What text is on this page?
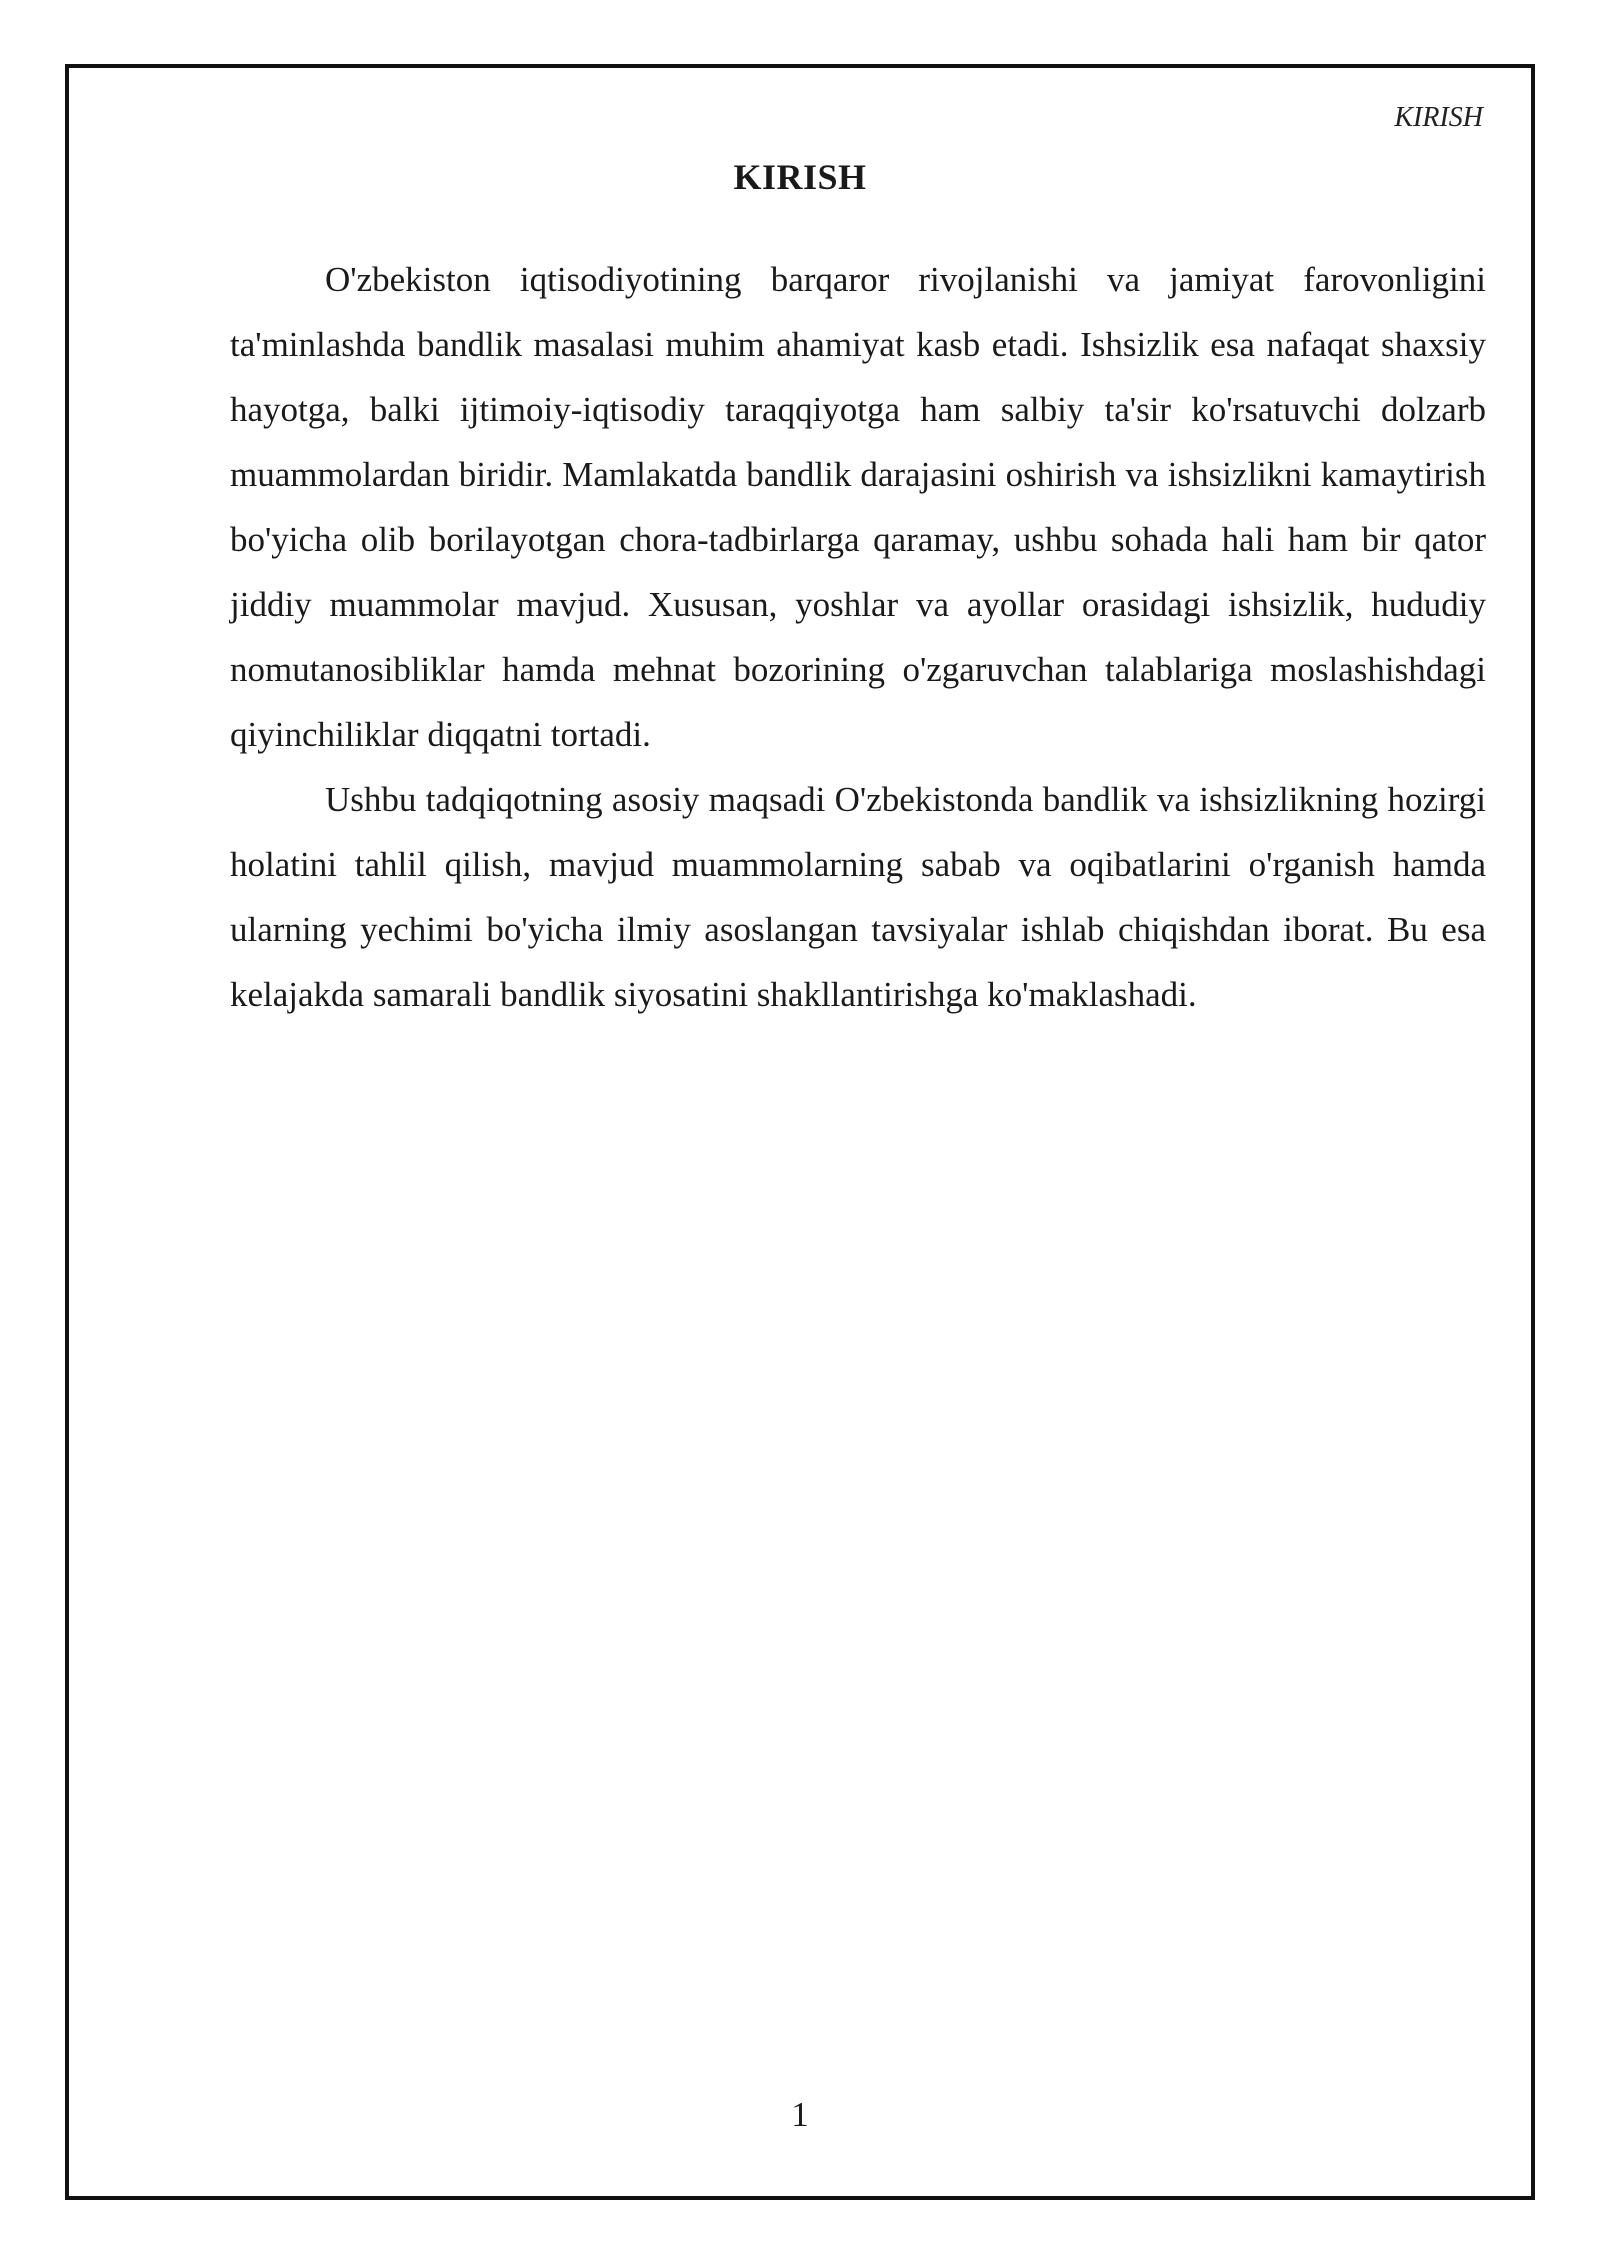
KIRISH
KIRISH

O'zbekiston iqtisodiyotining barqaror rivojlanishi va jamiyat farovonligini ta'minlashda bandlik masalasi muhim ahamiyat kasb etadi. Ishsizlik esa nafaqat shaxsiy hayotga, balki ijtimoiy-iqtisodiy taraqqiyotga ham salbiy ta'sir ko'rsatuvchi dolzarb muammolardan biridir. Mamlakatda bandlik darajasini oshirish va ishsizlikni kamaytirish bo'yicha olib borilayotgan chora-tadbirlarga qaramay, ushbu sohada hali ham bir qator jiddiy muammolar mavjud. Xususan, yoshlar va ayollar orasidagi ishsizlik, hududiy nomutanosibliklar hamda mehnat bozorining o'zgaruvchan talablariga moslashishdagi qiyinchiliklar diqqatni tortadi.

Ushbu tadqiqotning asosiy maqsadi O'zbekistonda bandlik va ishsizlikning hozirgi holatini tahlil qilish, mavjud muammolarning sabab va oqibatlarini o'rganish hamda ularning yechimi bo'yicha ilmiy asoslangan tavsiyalar ishlab chiqishdan iborat. Bu esa kelajakda samarali bandlik siyosatini shakllantirishga ko'maklashadi.

1
